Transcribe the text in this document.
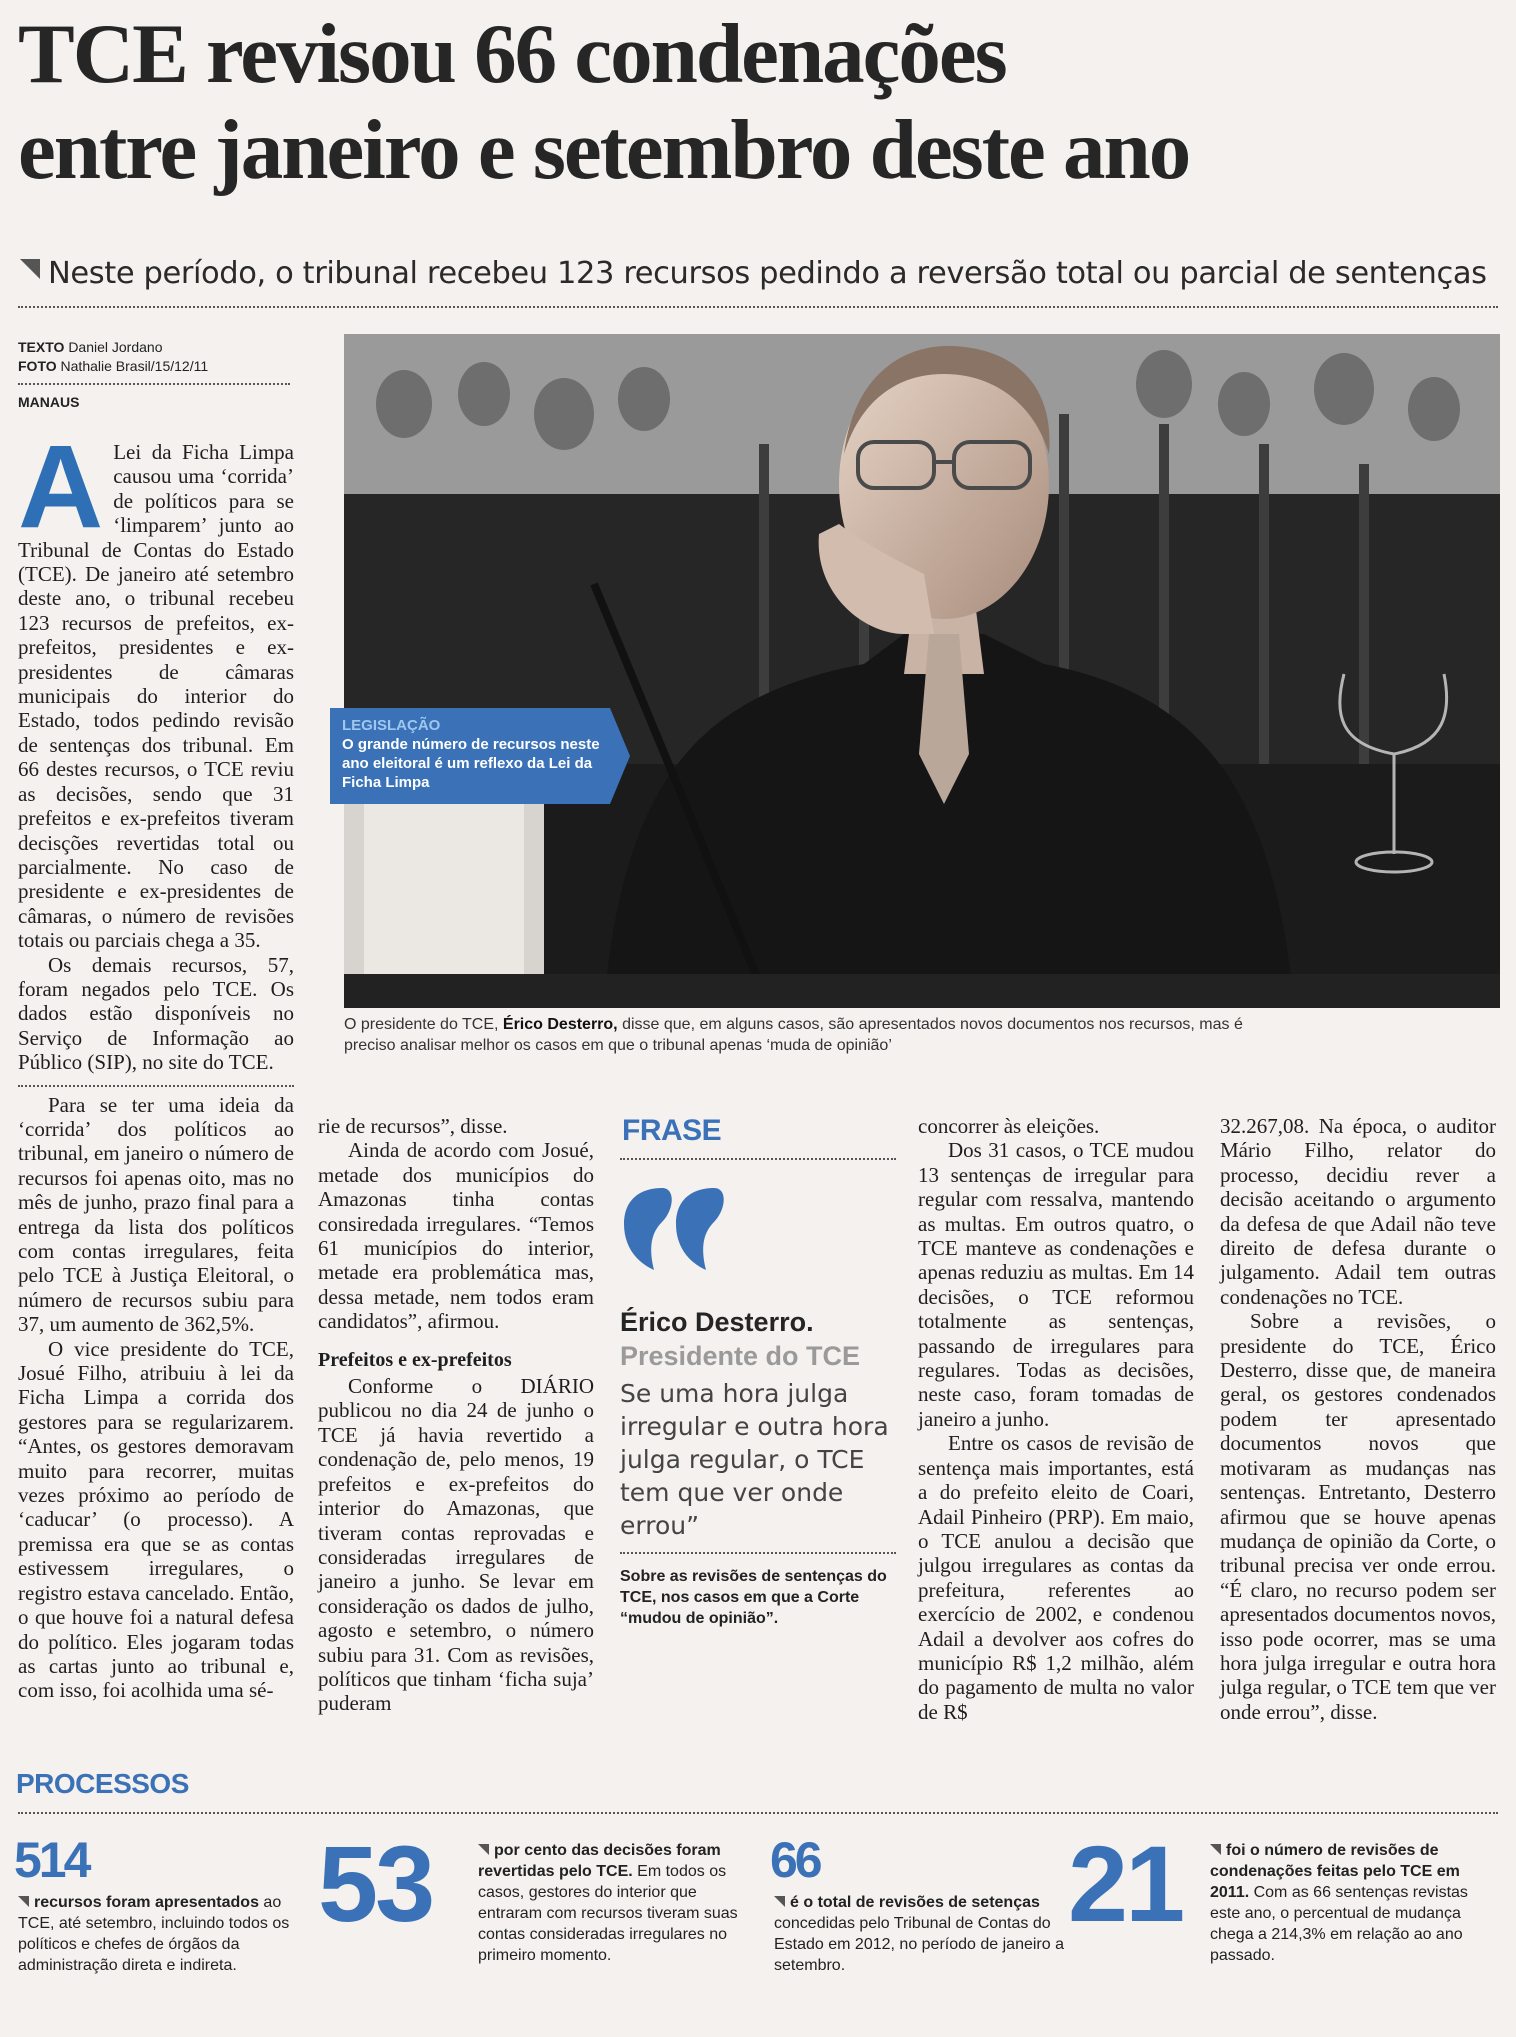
TCE revisou 66 condenações
entre janeiro e setembro deste ano
Neste período, o tribunal recebeu 123 recursos pedindo a reversão total ou parcial de sentenças
TEXTO Daniel Jordano
FOTO Nathalie Brasil/15/12/11
MANAUS
A Lei da Ficha Limpa causou uma ‘corrida’ de políticos para se ‘limparem’ junto ao Tribunal de Contas do Estado (TCE). De janeiro até setembro deste ano, o tribunal recebeu 123 recursos de prefeitos, ex-prefeitos, presidentes e ex-presidentes de câmaras municipais do interior do Estado, todos pedindo revisão de sentenças dos tribunal. Em 66 destes recursos, o TCE reviu as decisões, sendo que 31 prefeitos e ex-prefeitos tiveram decisções revertidas total ou parcialmente. No caso de presidente e ex-presidentes de câmaras, o número de revisões totais ou parciais chega a 35.

Os demais recursos, 57, foram negados pelo TCE. Os dados estão disponíveis no Serviço de Informação ao Público (SIP), no site do TCE.

Para se ter uma ideia da ‘corrida’ dos políticos ao tribunal, em janeiro o número de recursos foi apenas oito, mas no mês de junho, prazo final para a entrega da lista dos políticos com contas irregulares, feita pelo TCE à Justiça Eleitoral, o número de recursos subiu para 37, um aumento de 362,5%.

O vice presidente do TCE, Josué Filho, atribuiu à lei da Ficha Limpa a corrida dos gestores para se regularizarem. “Antes, os gestores demoravam muito para recorrer, muitas vezes próximo ao período de ‘caducar’ (o processo). A premissa era que se as contas estivessem irregulares, o registro estava cancelado. Então, o que houve foi a natural defesa do político. Eles jogaram todas as cartas junto ao tribunal e, com isso, foi acolhida uma sé-

LEGISLAÇÃO
O grande número de recursos neste ano eleitoral é um reflexo da Lei da Ficha Limpa
O presidente do TCE, Érico Desterro, disse que, em alguns casos, são apresentados novos documentos nos recursos, mas é preciso analisar melhor os casos em que o tribunal apenas ‘muda de opinião’

rie de recursos”, disse.

Ainda de acordo com Josué, metade dos municípios do Amazonas tinha contas consiredada irregulares. “Temos 61 municípios do interior, metade era problemática mas, dessa metade, nem todos eram candidatos”, afirmou.

Prefeitos e ex-prefeitos

Conforme o DIÁRIO publicou no dia 24 de junho o TCE já havia revertido a condenação de, pelo menos, 19 prefeitos e ex-prefeitos do interior do Amazonas, que tiveram contas reprovadas e consideradas irregulares de janeiro a junho. Se levar em consideração os dados de julho, agosto e setembro, o número subiu para 31. Com as revisões, políticos que tinham ‘ficha suja’ puderam

FRASE
Érico Desterro.
Presidente do TCE
Se uma hora julga irregular e outra hora julga regular, o TCE tem que ver onde errou”
Sobre as revisões de sentenças do TCE, nos casos em que a Corte “mudou de opinião”.

concorrer às eleições.

Dos 31 casos, o TCE mudou 13 sentenças de irregular para regular com ressalva, mantendo as multas. Em outros quatro, o TCE manteve as condenações e apenas reduziu as multas. Em 14 decisões, o TCE reformou totalmente as sentenças, passando de irregulares para regulares. Todas as decisões, neste caso, foram tomadas de janeiro a junho.

Entre os casos de revisão de sentença mais importantes, está a do prefeito eleito de Coari, Adail Pinheiro (PRP). Em maio, o TCE anulou a decisão que julgou irregulares as contas da prefeitura, referentes ao exercício de 2002, e condenou Adail a devolver aos cofres do município R$ 1,2 milhão, além do pagamento de multa no valor de R$

32.267,08. Na época, o auditor Mário Filho, relator do processo, decidiu rever a decisão aceitando o argumento da defesa de que Adail não teve direito de defesa durante o julgamento. Adail tem outras condenações no TCE.

Sobre a revisões, o presidente do TCE, Érico Desterro, disse que, de maneira geral, os gestores condenados podem ter apresentado documentos novos que motivaram as mudanças nas sentenças. Entretanto, Desterro afirmou que se houve apenas mudança de opinião da Corte, o tribunal precisa ver onde errou. “É claro, no recurso podem ser apresentados documentos novos, isso pode ocorrer, mas se uma hora julga irregular e outra hora julga regular, o TCE tem que ver onde errou”, disse.

PROCESSOS
514
recursos foram apresentados ao TCE, até setembro, incluindo todos os políticos e chefes de órgãos da administração direta e indireta.
53	por cento das decisões foram revertidas pelo TCE. Em todos os casos, gestores do interior que entraram com recursos tiveram suas contas consideradas irregulares no primeiro momento.
66
é o total de revisões de setenças concedidas pelo Tribunal de Contas do Estado em 2012, no período de janeiro a setembro.
21	foi o número de revisões de condenações feitas pelo TCE em 2011. Com as 66 sentenças revistas este ano, o percentual de mudança chega a 214,3% em relação ao ano passado.
